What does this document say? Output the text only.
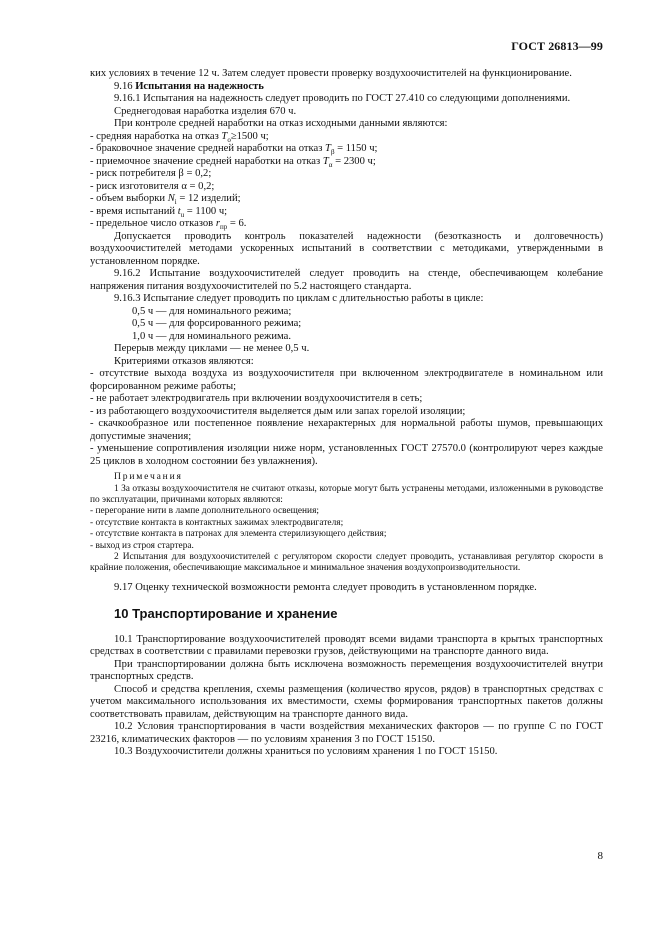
ГОСТ 26813—99

ких условиях в течение 12 ч. Затем следует провести проверку воздухоочистителей на функционирование.

9.16 Испытания на надежность

9.16.1 Испытания на надежность следует проводить по ГОСТ 27.410 со следующими дополнениями.

Среднегодовая наработка изделия 670 ч.

При контроле средней наработки на отказ исходными данными являются:

- средняя наработка на отказ $T_o\ge 1500$ ч;

- браковочное значение средней наработки на отказ $T_\beta = 1150$ ч;

- приемочное значение средней наработки на отказ $T_\alpha = 2300$ ч;

- риск потребителя β = 0,2;

- риск изготовителя α = 0,2;

- объем выборки $N_i = 12$ изделий;

- время испытаний $t_u = 1100$ ч;

- предельное число отказов $r_{пр} = 6$.

Допускается проводить контроль показателей надежности (безотказность и долговечность) воздухоочистителей методами ускоренных испытаний в соответствии с методиками, утвержденными в установленном порядке.

9.16.2 Испытание воздухоочистителей следует проводить на стенде, обеспечивающем колебание напряжения питания воздухоочистителей по 5.2 настоящего стандарта.

9.16.3 Испытание следует проводить по циклам с длительностью работы в цикле:

0,5 ч — для номинального режима;

0,5 ч — для форсированного режима;

1,0 ч — для номинального режима.

Перерыв между циклами — не менее 0,5 ч.

Критериями отказов являются:

- отсутствие выхода воздуха из воздухоочистителя при включенном электродвигателе в номинальном или форсированном режиме работы;

- не работает электродвигатель при включении воздухоочистителя в сеть;

- из работающего воздухоочистителя выделяется дым или запах горелой изоляции;

- скачкообразное или постепенное появление нехарактерных для нормальной работы шумов, превышающих допустимые значения;

- уменьшение сопротивления изоляции ниже норм, установленных ГОСТ 27570.0 (контролируют через каждые 25 циклов в холодном состоянии без увлажнения).

Примечания

1 За отказы воздухоочистителя не считают отказы, которые могут быть устранены методами, изложенными в руководстве по эксплуатации, причинами которых являются:

- перегорание нити в лампе дополнительного освещения;

- отсутствие контакта в контактных зажимах электродвигателя;

- отсутствие контакта в патронах для элемента стерилизующего действия;

- выход из строя стартера.

2 Испытания для воздухоочистителей с регулятором скорости следует проводить, устанавливая регулятор скорости в крайние положения, обеспечивающие максимальное и минимальное значения воздухопроизводительности.

9.17 Оценку технической возможности ремонта следует проводить в установленном порядке.

10 Транспортирование и хранение

10.1 Транспортирование воздухоочистителей проводят всеми видами транспорта в крытых транспортных средствах в соответствии с правилами перевозки грузов, действующими на транспорте данного вида.

При транспортировании должна быть исключена возможность перемещения воздухоочистителей внутри транспортных средств.

Способ и средства крепления, схемы размещения (количество ярусов, рядов) в транспортных средствах с учетом максимального использования их вместимости, схемы формирования транспортных пакетов должны соответствовать правилам, действующим на транспорте данного вида.

10.2 Условия транспортирования в части воздействия механических факторов — по группе С по ГОСТ 23216, климатических факторов — по условиям хранения 3 по ГОСТ 15150.

10.3 Воздухоочистители должны храниться по условиям хранения 1 по ГОСТ 15150.

8
